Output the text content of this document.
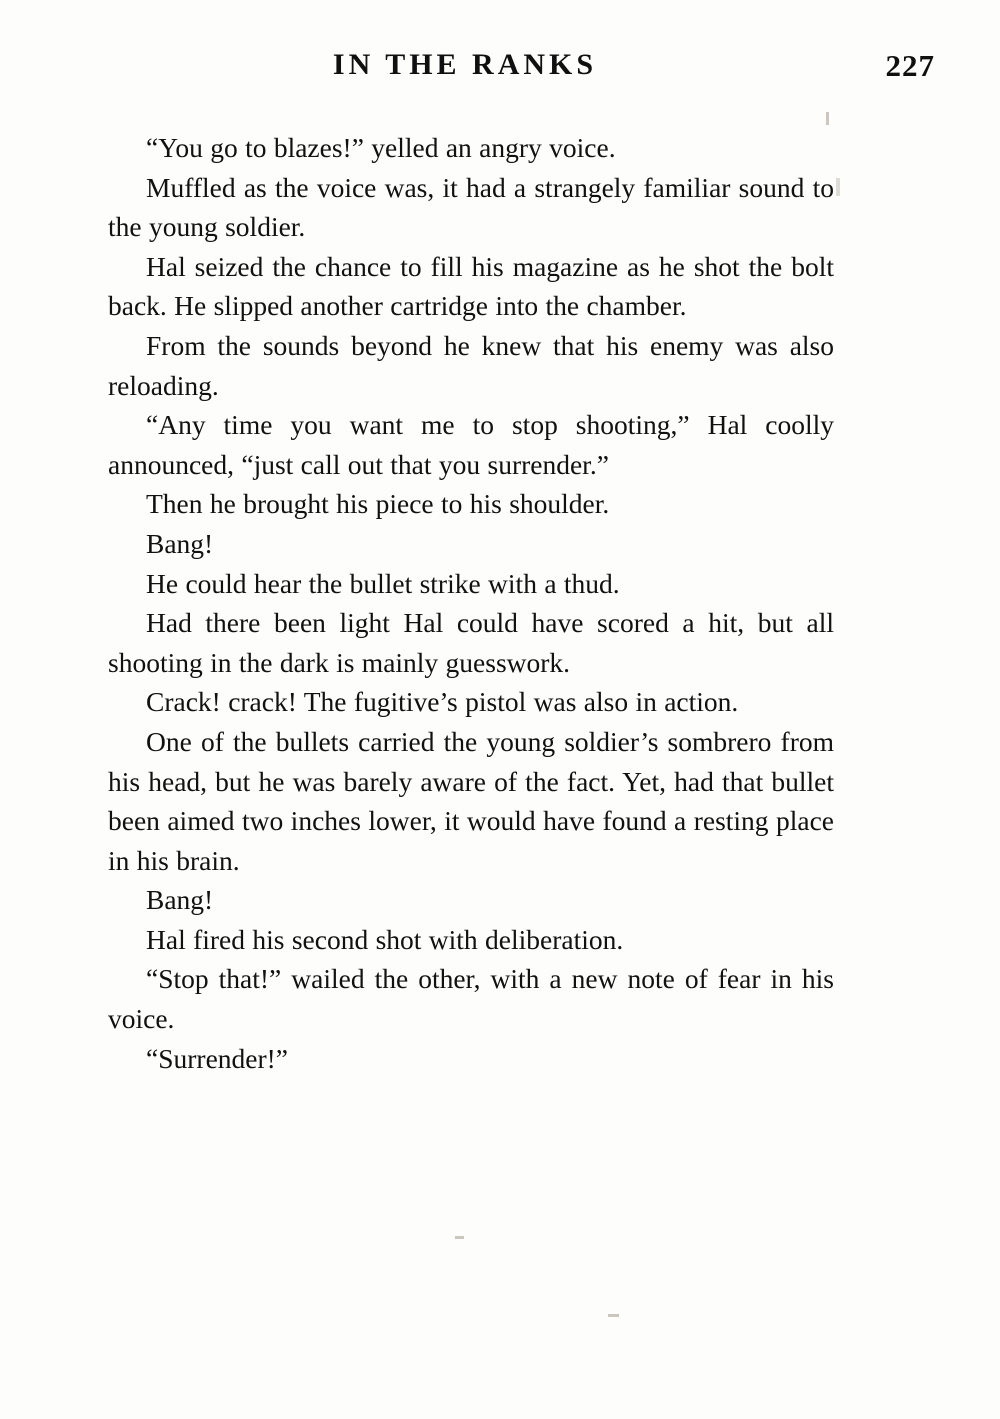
IN THE RANKS	227

“You go to blazes!” yelled an angry voice.

Muffled as the voice was, it had a strangely familiar sound to the young soldier.

Hal seized the chance to fill his magazine as he shot the bolt back. He slipped another cartridge into the chamber.

From the sounds beyond he knew that his enemy was also reloading.

“Any time you want me to stop shooting,” Hal coolly announced, “just call out that you surrender.”

Then he brought his piece to his shoulder.

Bang!

He could hear the bullet strike with a thud.

Had there been light Hal could have scored a hit, but all shooting in the dark is mainly guesswork.

Crack! crack! The fugitive’s pistol was also in action.

One of the bullets carried the young soldier’s sombrero from his head, but he was barely aware of the fact. Yet, had that bullet been aimed two inches lower, it would have found a resting place in his brain.

Bang!

Hal fired his second shot with deliberation.

“Stop that!” wailed the other, with a new note of fear in his voice.

“Surrender!”
